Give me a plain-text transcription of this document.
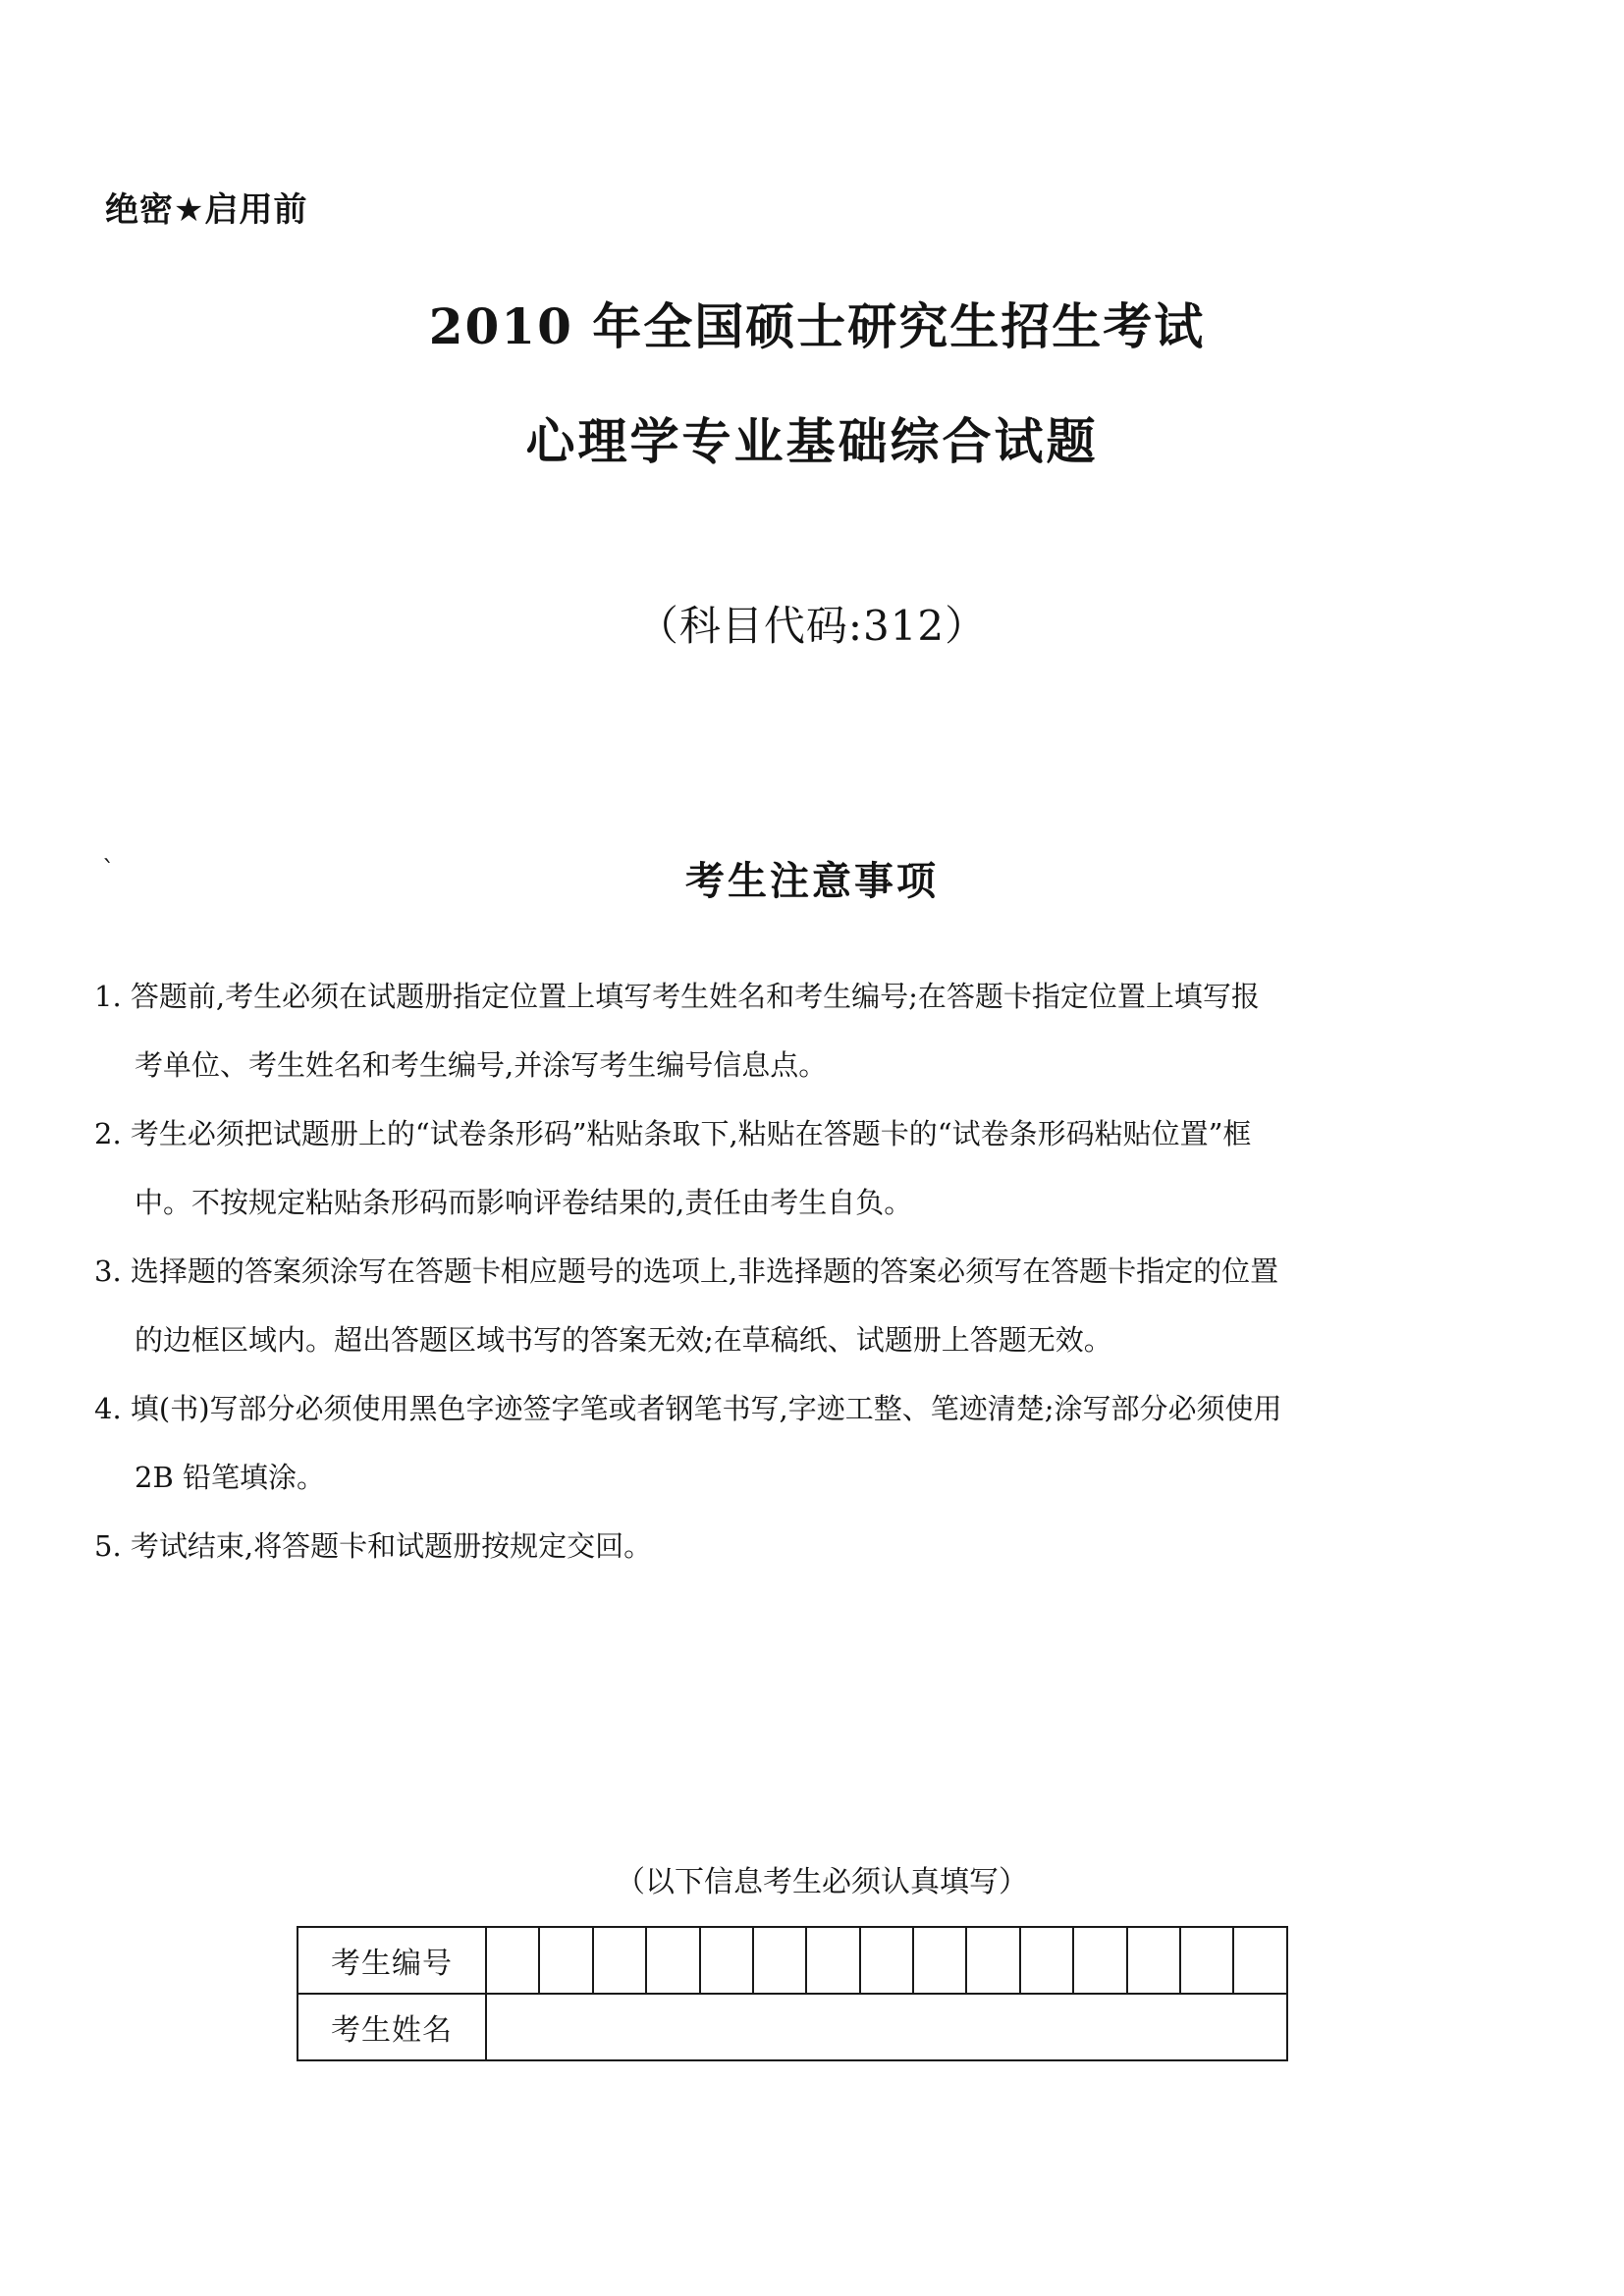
绝密★启用前
2010 年全国硕士研究生招生考试
心理学专业基础综合试题
（科目代码:312）
`	考生注意事项
1. 答题前,考生必须在试题册指定位置上填写考生姓名和考生编号;在答题卡指定位置上填写报
考单位、考生姓名和考生编号,并涂写考生编号信息点。
2. 考生必须把试题册上的“试卷条形码”粘贴条取下,粘贴在答题卡的“试卷条形码粘贴位置”框
中。不按规定粘贴条形码而影响评卷结果的,责任由考生自负。
3. 选择题的答案须涂写在答题卡相应题号的选项上,非选择题的答案必须写在答题卡指定的位置
的边框区域内。超出答题区域书写的答案无效;在草稿纸、试题册上答题无效。
4. 填(书)写部分必须使用黑色字迹签字笔或者钢笔书写,字迹工整、笔迹清楚;涂写部分必须使用
2B 铅笔填涂。
5. 考试结束,将答题卡和试题册按规定交回。
（以下信息考生必须认真填写）
考生编号															
考生姓名															
